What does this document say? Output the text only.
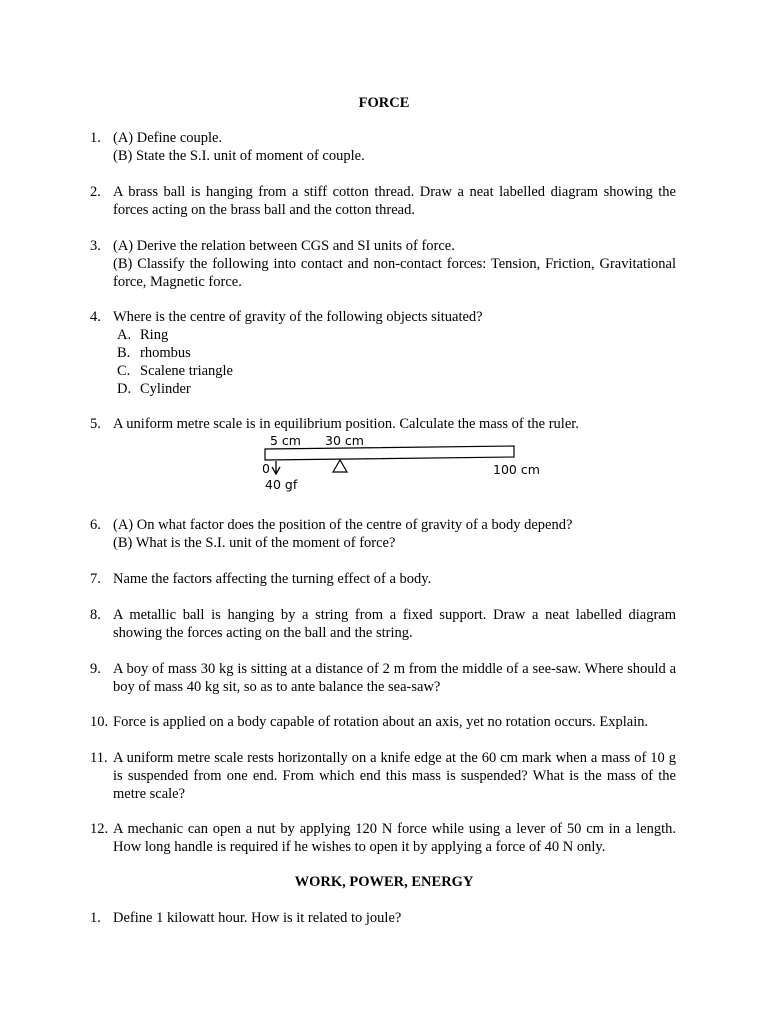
FORCE
1. (A) Define couple.
(B) State the S.I. unit of moment of couple.
2. A brass ball is hanging from a stiff cotton thread. Draw a neat labelled diagram showing the forces acting on the brass ball and the cotton thread.
3. (A) Derive the relation between CGS and SI units of force.
(B) Classify the following into contact and non-contact forces: Tension, Friction, Gravitational force, Magnetic force.
4. Where is the centre of gravity of the following objects situated?
A. Ring
B. rhombus
C. Scalene triangle
D. Cylinder
5. A uniform metre scale is in equilibrium position. Calculate the mass of the ruler.
5 cm 30 cm
0	100 cm
40 gf
6. (A) On what factor does the position of the centre of gravity of a body depend?
(B) What is the S.I. unit of the moment of force?
7. Name the factors affecting the turning effect of a body.
8. A metallic ball is hanging by a string from a fixed support. Draw a neat labelled diagram showing the forces acting on the ball and the string.
9. A boy of mass 30 kg is sitting at a distance of 2 m from the middle of a see-saw. Where should a boy of mass 40 kg sit, so as to ante balance the sea-saw?
10. Force is applied on a body capable of rotation about an axis, yet no rotation occurs. Explain.
11. A uniform metre scale rests horizontally on a knife edge at the 60 cm mark when a mass of 10 g is suspended from one end. From which end this mass is suspended? What is the mass of the metre scale?
12. A mechanic can open a nut by applying 120 N force while using a lever of 50 cm in a length. How long handle is required if he wishes to open it by applying a force of 40 N only.
WORK, POWER, ENERGY
1. Define 1 kilowatt hour. How is it related to joule?
